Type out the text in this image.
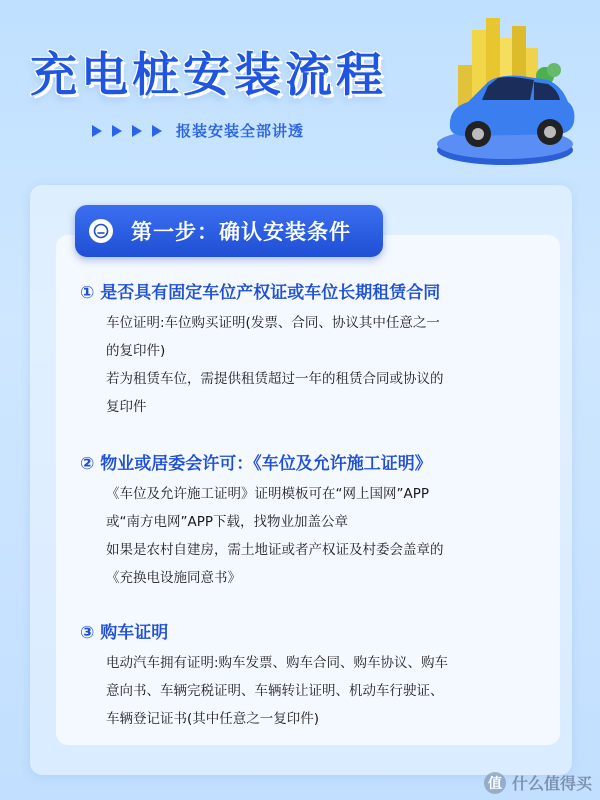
充电桩安装流程
报装安装全部讲透
第一步：确认安装条件
① 是否具有固定车位产权证或车位长期租赁合同

车位证明:车位购买证明(发票、合同、协议其中任意之一

的复印件)

若为租赁车位，需提供租赁超过一年的租赁合同或协议的

复印件

② 物业或居委会许可：《车位及允许施工证明》

《车位及允许施工证明》证明模板可在“网上国网”APP

或“南方电网”APP下载，找物业加盖公章

如果是农村自建房，需土地证或者产权证及村委会盖章的

《充换电设施同意书》

③ 购车证明

电动汽车拥有证明:购车发票、购车合同、购车协议、购车

意向书、车辆完税证明、车辆转让证明、机动车行驶证、

车辆登记证书(其中任意之一复印件)

值 什么值得买
